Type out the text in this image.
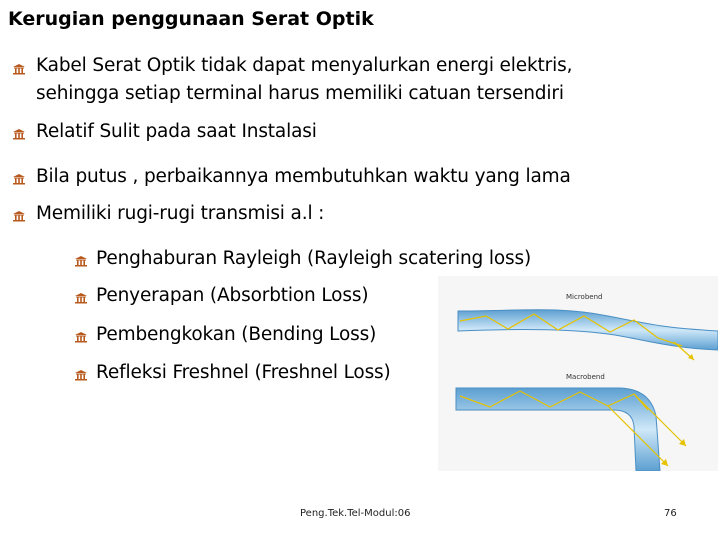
Kerugian penggunaan Serat Optik
Kabel Serat Optik tidak dapat menyalurkan energi elektris,
sehingga setiap terminal harus memiliki catuan tersendiri
Relatif Sulit pada saat Instalasi
Bila putus , perbaikannya membutuhkan waktu yang lama
Memiliki rugi-rugi transmisi a.l :
Penghaburan Rayleigh (Rayleigh scatering loss)
Penyerapan (Absorbtion Loss)
Pembengkokan (Bending Loss)
Refleksi Freshnel (Freshnel Loss)
Microbend
Macrobend
Peng.Tek.Tel-Modul:06	76
